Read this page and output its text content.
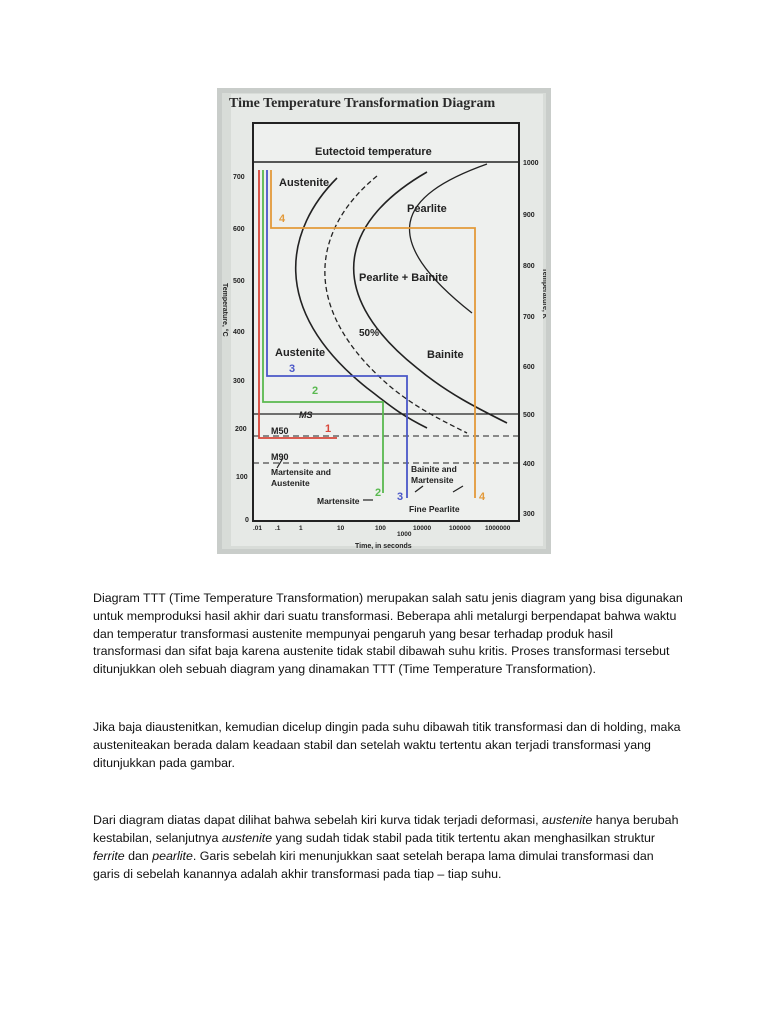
Time Temperature Transformation Diagram
Eutectoid temperature
700
600
500
400
300
200
100
0
Temperature, °C
1000
900
800
700
600
500
400
300
Temperature, K
.01 .1	1	10	100
1000
10000	100000 1000000
Time, in seconds
4
3
2
1
2 3	4
Austenite
Pearlite
Pearlite + Bainite
50%
Austenite	Bainite
MS
M50
M90
Martensite and
Austenite
Bainite and
Martensite
Martensite
Fine Pearlite

Diagram TTT (Time Temperature Transformation) merupakan salah satu jenis diagram yang bisa digunakan untuk memproduksi hasil akhir dari suatu transformasi. Beberapa ahli metalurgi berpendapat bahwa waktu dan temperatur transformasi austenite mempunyai pengaruh yang besar terhadap produk hasil transformasi dan sifat baja karena austenite tidak stabil dibawah suhu kritis. Proses transformasi tersebut ditunjukkan oleh sebuah diagram yang dinamakan TTT (Time Temperature Transformation).

Jika baja diaustenitkan, kemudian dicelup dingin pada suhu dibawah titik transformasi dan di holding, maka austeniteakan berada dalam keadaan stabil dan setelah waktu tertentu akan terjadi transformasi yang ditunjukkan pada gambar.

Dari diagram diatas dapat dilihat bahwa sebelah kiri kurva tidak terjadi deformasi, austenite hanya berubah kestabilan, selanjutnya austenite yang sudah tidak stabil pada titik tertentu akan menghasilkan struktur ferrite dan pearlite. Garis sebelah kiri menunjukkan saat setelah berapa lama dimulai transformasi dan garis di sebelah kanannya adalah akhir transformasi pada tiap – tiap suhu.
